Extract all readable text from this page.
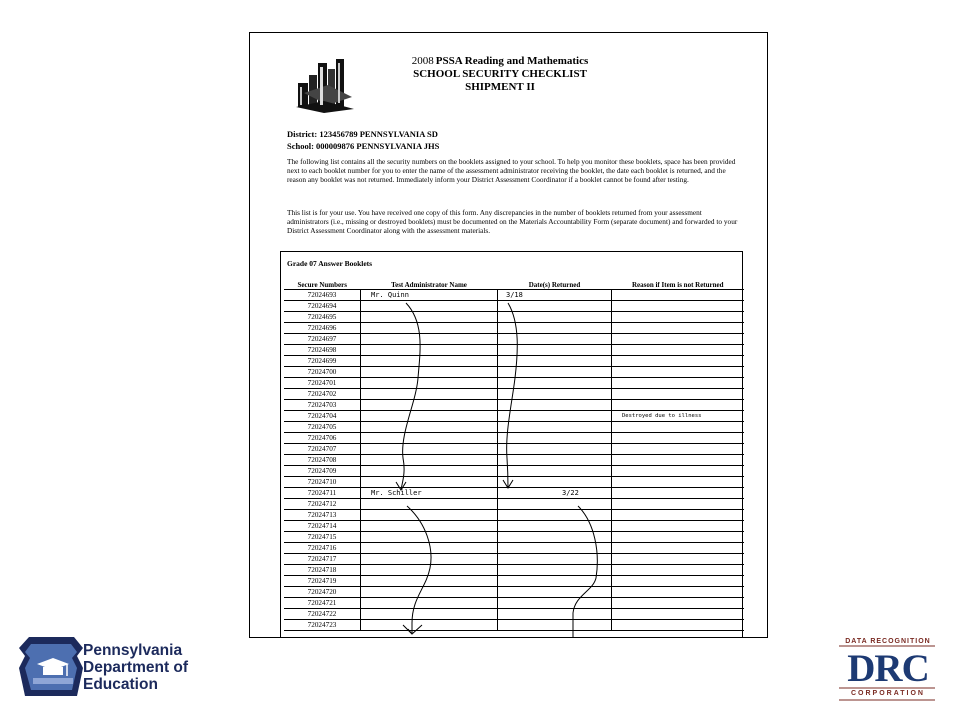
2008 PSSA Reading and Mathematics
SCHOOL SECURITY CHECKLIST
SHIPMENT II
District: 123456789 PENNSYLVANIA SD
School: 000009876 PENNSYLVANIA JHS
The following list contains all the security numbers on the booklets assigned to your school. To help you monitor these booklets, space has been provided next to each booklet number for you to enter the name of the assessment administrator receiving the booklet, the date each booklet is returned, and the reason any booklet was not returned. Immediately inform your District Assessment Coordinator if a booklet cannot be found after testing.
This list is for your use. You have received one copy of this form. Any discrepancies in the number of booklets returned from your assessment administrators (i.e., missing or destroyed booklets) must be documented on the Materials Accountability Form (separate document) and forwarded to your District Assessment Coordinator along with the assessment materials.
Grade 07 Answer Booklets
Secure Numbers	Test Administrator Name	Date(s) Returned	Reason if Item is not Returned
72024693	Mr. Quinn	3/18	
72024694			
72024695			
72024696			
72024697			
72024698			
72024699			
72024700			
72024701			
72024702			
72024703			
72024704			Destroyed due to illness
72024705			
72024706			
72024707			
72024708			
72024709			
72024710			
72024711	Mr. Schiller	3/22	
72024712			
72024713			
72024714			
72024715			
72024716			
72024717			
72024718			
72024719			
72024720			
72024721			
72024722			
72024723			
Pennsylvania
Department of
Education
DATA RECOGNITION
DRC
CORPORATION
